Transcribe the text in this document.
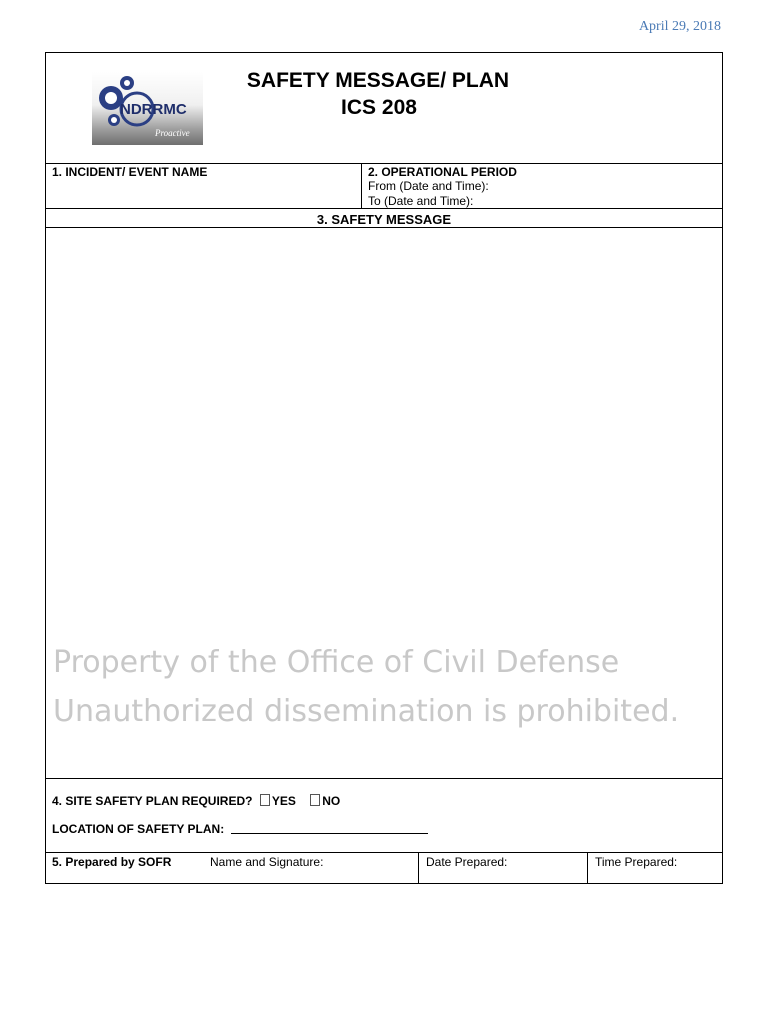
April 29, 2018
NDRRMC
Proactive
SAFETY MESSAGE/ PLAN
ICS 208
1. INCIDENT/ EVENT NAME	2. OPERATIONAL PERIOD
From (Date and Time):
To (Date and Time):
3. SAFETY MESSAGE
Property of the Office of Civil Defense
Unauthorized dissemination is prohibited.
4. SITE SAFETY PLAN REQUIRED? YES NO
LOCATION OF SAFETY PLAN:
5. Prepared by SOFR	Name and Signature:	Date Prepared:	Time Prepared:
